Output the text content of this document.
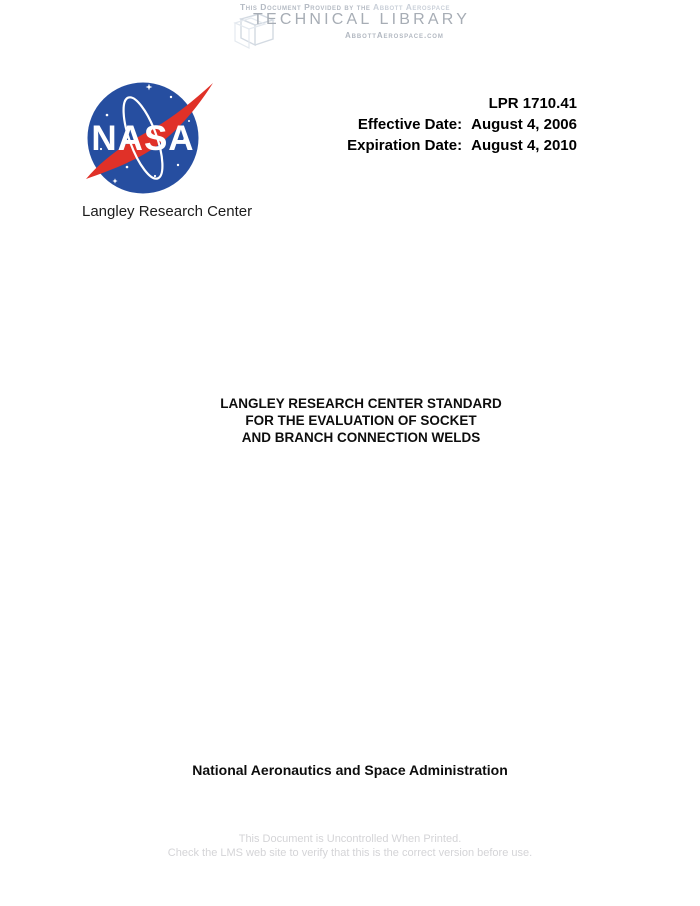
This Document Provided by the Abbott Aerospace
TECHNICAL LIBRARY
AbbottAerospace.com
LPR 1710.41
Effective Date: August 4, 2006
Expiration Date: August 4, 2010
NASA
Langley Research Center
LANGLEY RESEARCH CENTER STANDARD
FOR THE EVALUATION OF SOCKET
AND BRANCH CONNECTION WELDS
National Aeronautics and Space Administration
This Document is Uncontrolled When Printed.
Check the LMS web site to verify that this is the correct version before use.
